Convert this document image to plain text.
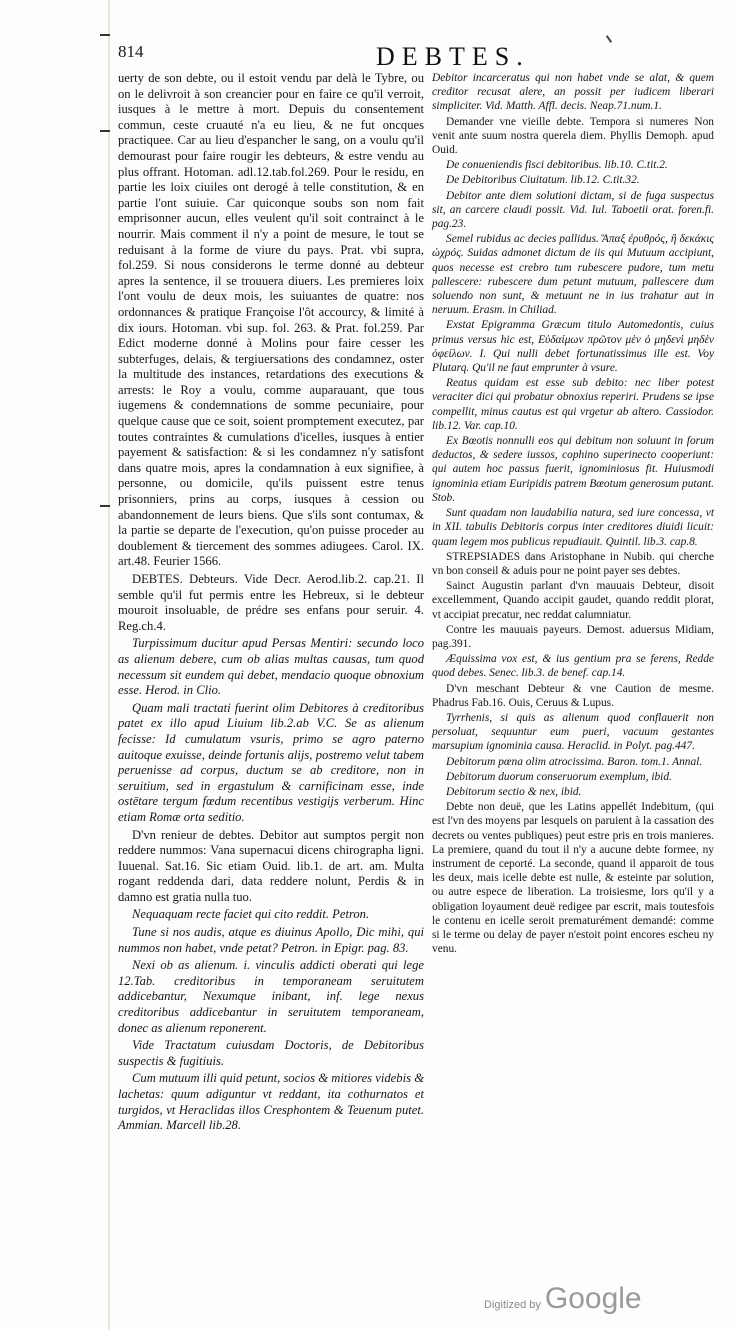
814	DEBTES.

uerty de son debte, ou il estoit vendu par delà le Tybre, ou on le delivroit à son creancier pour en faire ce qu'il verroit, iusques à le mettre à mort. Depuis du consentement commun, ceste cruauté n'a eu lieu, & ne fut oncques practiquee. Car au lieu d'espancher le sang, on a voulu qu'il demourast pour faire rougir les debteurs, & estre vendu au plus offrant. Hotoman. adl.12.tab.fol.269. Pour le residu, en partie les loix ciuiles ont derogé à telle constitution, & en partie l'ont suiuie. Car quiconque soubs son nom fait emprisonner aucun, elles veulent qu'il soit contrainct à le nourrir. Mais comment il n'y a point de mesure, le tout se reduisant à la forme de viure du pays. Prat. vbi supra, fol.259. Si nous considerons le terme donné au debteur apres la sentence, il se trouuera diuers. Les premieres loix l'ont voulu de deux mois, les suiuantes de quatre: nos ordonnances & pratique Françoise l'ôt accourcy, & limité à dix iours. Hotoman. vbi sup. fol. 263. & Prat. fol.259. Par Edict moderne donné à Molins pour faire cesser les subterfuges, delais, & tergiuersations des condamnez, oster la multitude des instances, retardations des executions & arrests: le Roy a voulu, comme auparauant, que tous iugemens & condemnations de somme pecuniaire, pour quelque cause que ce soit, soient promptement executez, par toutes contraintes & cumulations d'icelles, iusques à entier payement & satisfaction: & si les condamnez n'y satisfont dans quatre mois, apres la condamnation à eux signifiee, à personne, ou domicile, qu'ils puissent estre tenus prisonniers, prins au corps, iusques à cession ou abandonnement de leurs biens. Que s'ils sont contumax, & la partie se departe de l'execution, qu'on puisse proceder au doublement & tiercement des sommes adiugees. Carol. IX. art.48. Feurier 1566.

DEBTES. Debteurs. Vide Decr. Aerod.lib.2. cap.21. Il semble qu'il fut permis entre les Hebreux, si le debteur mouroit insoluable, de prédre ses enfans pour seruir. 4. Reg.ch.4.

Turpissimum ducitur apud Persas Mentiri: secundo loco as alienum debere, cum ob alias multas causas, tum quod necessum sit eundem qui debet, mendacio quoque obnoxium esse. Herod. in Clio.

Quam mali tractati fuerint olim Debitores à creditoribus patet ex illo apud Liuium lib.2.ab V.C. Se as alienum fecisse: Id cumulatum vsuris, primo se agro paterno auitoque exuisse, deinde fortunis alijs, postremo velut tabem peruenisse ad corpus, ductum se ab creditore, non in seruitium, sed in ergastulum & carnificinam esse, inde ostētare tergum fœdum recentibus vestigijs verberum. Hinc etiam Romæ orta seditio.

D'vn renieur de debtes. Debitor aut sumptos pergit non reddere nummos: Vana supernacui dicens chirographa ligni. Iuuenal. Sat.16. Sic etiam Ouid. lib.1. de art. am. Multa rogant reddenda dari, data reddere nolunt, Perdis & in damno est gratia nulla tuo.

Nequaquam recte faciet qui cito reddit. Petron.

Tune si nos audis, atque es diuinus Apollo, Dic mihi, qui nummos non habet, vnde petat? Petron. in Epigr. pag. 83.

Nexi ob as alienum. i. vinculis addicti oberati qui lege 12.Tab. creditoribus in temporaneam seruitutem addicebantur, Nexumque inibant, inf. lege nexus creditoribus addicebantur in seruitutem temporaneam, donec as alienum reponerent.

Vide Tractatum cuiusdam Doctoris, de Debitoribus suspectis & fugitiuis.

Cum mutuum illi quid petunt, socios & mitiores videbis & lachetas: quum adiguntur vt reddant, ita cothurnatos et turgidos, vt Heraclidas illos Cresphontem & Teuenum putet. Ammian. Marcell lib.28.

Debitor incarceratus qui non habet vnde se alat, & quem creditor recusat alere, an possit per iudicem liberari simpliciter. Vid. Matth. Affl. decis. Neap.71.num.1.

Demander vne vieille debte. Tempora si numeres Non venit ante suum nostra querela diem. Phyllis Demoph. apud Ouid.

De conueniendis fisci debitoribus. lib.10. C.tit.2.

De Debitoribus Ciuitatum. lib.12. C.tit.32.

Debitor ante diem solutioni dictam, si de fuga suspectus sit, an carcere claudi possit. Vid. Iul. Taboetii orat. foren.fi. pag.23.

Semel rubidus ac decies pallidus. Ἅπαξ ἐρυθρός, ἢ δεκάκις ὠχρός. Suidas admonet dictum de iis qui Mutuum accipiunt, quos necesse est crebro tum rubescere pudore, tum metu pallescere: rubescere dum petunt mutuum, pallescere dum soluendo non sunt, & metuunt ne in ius trahatur aut in neruum. Erasm. in Chiliad.

Exstat Epigramma Græcum titulo Automedontis, cuius primus versus hic est, Εὐδαίμων πρῶτον μὲν ὁ μηδενὶ μηδὲν ὀφείλων. I. Qui nulli debet fortunatissimus ille est. Voy Plutarq. Qu'il ne faut emprunter à vsure.

Reatus quidam est esse sub debito: nec liber potest veraciter dici qui probatur obnoxius reperiri. Prudens se ipse compellit, minus cautus est qui vrgetur ab altero. Cassiodor. lib.12. Var. cap.10.

Ex Bœotis nonnulli eos qui debitum non soluunt in forum deductos, & sedere iussos, cophino superinecto cooperiunt: qui autem hoc passus fuerit, ignominiosus fit. Huiusmodi ignominia etiam Euripidis patrem Bœotum generosum putant. Stob.

Sunt quadam non laudabilia natura, sed iure concessa, vt in XII. tabulis Debitoris corpus inter creditores diuidi licuit: quam legem mos publicus repudiauit. Quintil. lib.3. cap.8.

STREPSIADES dans Aristophane in Nubib. qui cherche vn bon conseil & aduis pour ne point payer ses debtes.

Sainct Augustin parlant d'vn mauuais Debteur, disoit excellemment, Quando accipit gaudet, quando reddit plorat, vt accipiat precatur, nec reddat calumniatur.

Contre les mauuais payeurs. Demost. aduersus Midiam, pag.391.

Æquissima vox est, & ius gentium pra se ferens, Redde quod debes. Senec. lib.3. de benef. cap.14.

D'vn meschant Debteur & vne Caution de mesme. Phadrus Fab.16. Ouis, Ceruus & Lupus.

Tyrrhenis, si quis as alienum quod conflauerit non persoluat, sequuntur eum pueri, vacuum gestantes marsupium ignominia causa. Heraclid. in Polyt. pag.447.

Debitorum pœna olim atrocissima. Baron. tom.1. Annal.

Debitorum duorum conseruorum exemplum, ibid.

Debitorum sectio & nex, ibid.

Debte non deuë, que les Latins appellét Indebitum, (qui est l'vn des moyens par lesquels on paruient à la cassation des decrets ou ventes publiques) peut estre pris en trois manieres. La premiere, quand du tout il n'y a aucune debte formee, ny instrument de ceporté. La seconde, quand il apparoit de tous les deux, mais icelle debte est nulle, & esteinte par solution, ou autre espece de liberation. La troisiesme, lors qu'il y a obligation loyaument deuë redigee par escrit, mais toutesfois le contenu en icelle seroit prematurément demandé: comme si le terme ou delay de payer n'estoit point encores escheu ny venu.

Digitized by Google
